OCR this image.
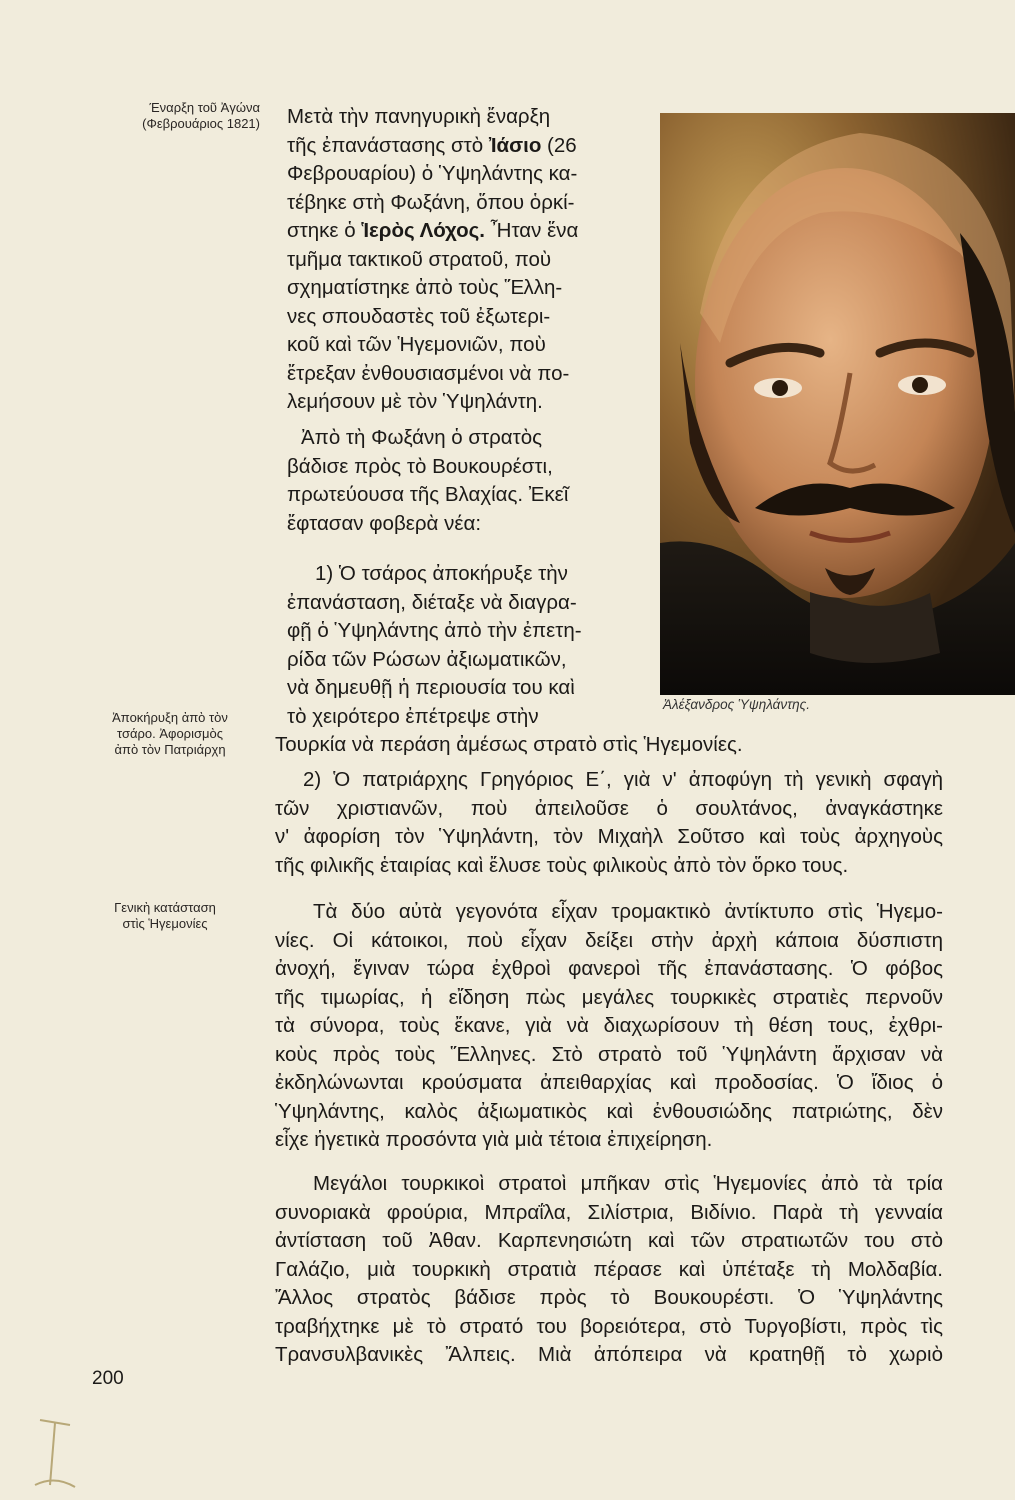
Έναρξη τοῦ Ἀγώνα
(Φεβρουάριος 1821)
Ἀποκήρυξη ἀπὸ τὸν
τσάρο. Ἀφορισμὸς
ἀπὸ τὸν Πατριάρχη
Γενικὴ κατάσταση
στὶς Ἡγεμονίες
Μετὰ τὴν πανηγυρικὴ ἔναρξη
τῆς ἐπανάστασης στὸ Ἰάσιο (26
Φεβρουαρίου) ὁ Ὑψηλάντης κα-
τέβηκε στὴ Φωξάνη, ὅπου ὁρκί-
στηκε ὁ Ἱερὸς Λόχος. Ἦταν ἕνα
τμῆμα τακτικοῦ στρατοῦ, ποὺ
σχηματίστηκε ἀπὸ τοὺς Ἕλλη-
νες σπουδαστὲς τοῦ ἐξωτερι-
κοῦ καὶ τῶν Ἡγεμονιῶν, ποὺ
ἔτρεξαν ἐνθουσιασμένοι νὰ πο-
λεμήσουν μὲ τὸν Ὑψηλάντη.
Ἀπὸ τὴ Φωξάνη ὁ στρατὸς
βάδισε πρὸς τὸ Βουκουρέστι,
πρωτεύουσα τῆς Βλαχίας. Ἐκεῖ
ἔφτασαν φοβερὰ νέα:
1) Ὁ τσάρος ἀποκήρυξε τὴν
ἐπανάσταση, διέταξε νὰ διαγρα-
φῇ ὁ Ὑψηλάντης ἀπὸ τὴν ἐπετη-
ρίδα τῶν Ρώσων ἀξιωματικῶν,
νὰ δημευθῇ ἡ περιουσία του καὶ
τὸ χειρότερο ἐπέτρεψε στὴν
Τουρκία νὰ περάση ἀμέσως στρατὸ στὶς Ἡγεμονίες.
2) Ὁ πατριάρχης Γρηγόριος Ε΄, γιὰ ν' ἀποφύγη τὴ γενικὴ σφαγὴ
τῶν χριστιανῶν, ποὺ ἀπειλοῦσε ὁ σουλτάνος, ἀναγκάστηκε
ν' ἀφορίση τὸν Ὑψηλάντη, τὸν Μιχαὴλ Σοῦτσο καὶ τοὺς ἀρχηγοὺς
τῆς φιλικῆς ἑταιρίας καὶ ἔλυσε τοὺς φιλικοὺς ἀπὸ τὸν ὅρκο τους.
Τὰ δύο αὐτὰ γεγονότα εἶχαν τρομακτικὸ ἀντίκτυπο στὶς Ἡγεμο-
νίες. Οἱ κάτοικοι, ποὺ εἶχαν δείξει στὴν ἀρχὴ κάποια δύσπιστη
ἀνοχή, ἔγιναν τώρα ἐχθροὶ φανεροὶ τῆς ἐπανάστασης. Ὁ φόβος
τῆς τιμωρίας, ἡ εἴδηση πὼς μεγάλες τουρκικὲς στρατιὲς περνοῦν
τὰ σύνορα, τοὺς ἔκανε, γιὰ νὰ διαχωρίσουν τὴ θέση τους, ἐχθρι-
κοὺς πρὸς τοὺς Ἕλληνες. Στὸ στρατὸ τοῦ Ὑψηλάντη ἄρχισαν νὰ
ἐκδηλώνωνται κρούσματα ἀπειθαρχίας καὶ προδοσίας. Ὁ ἴδιος ὁ
Ὑψηλάντης, καλὸς ἀξιωματικὸς καὶ ἐνθουσιώδης πατριώτης, δὲν
εἶχε ἡγετικὰ προσόντα γιὰ μιὰ τέτοια ἐπιχείρηση.
Μεγάλοι τουρκικοὶ στρατοὶ μπῆκαν στὶς Ἡγεμονίες ἀπὸ τὰ τρία
συνοριακὰ φρούρια, Μπραΐλα, Σιλίστρια, Βιδίνιο. Παρὰ τὴ γενναία
ἀντίσταση τοῦ Ἀθαν. Καρπενησιώτη καὶ τῶν στρατιωτῶν του στὸ
Γαλάζιο, μιὰ τουρκικὴ στρατιὰ πέρασε καὶ ὑπέταξε τὴ Μολδαβία.
Ἄλλος στρατὸς βάδισε πρὸς τὸ Βουκουρέστι. Ὁ Ὑψηλάντης
τραβήχτηκε μὲ τὸ στρατό του βορειότερα, στὸ Τυργοβίστι, πρὸς τὶς
Τρανσυλβανικὲς Ἄλπεις. Μιὰ ἀπόπειρα νὰ κρατηθῇ τὸ χωριὸ
Ἀλέξανδρος Ὑψηλάντης.
200
